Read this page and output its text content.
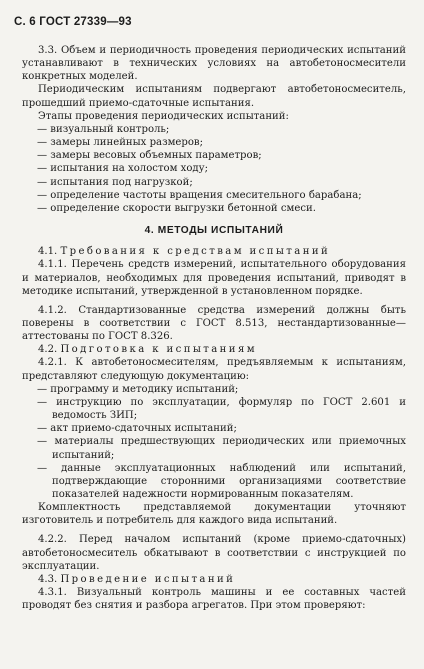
С. 6 ГОСТ 27339—93

3.3. Объем и периодичность проведения периодических испытаний устанавливают в технических условиях на автобетоносмесители конкретных моделей.

Периодическим испытаниям подвергают автобетоносмеситель, прошедший приемо-сдаточные испытания.

Этапы проведения периодических испытаний:

— визуальный контроль;

— замеры линейных размеров;

— замеры весовых объемных параметров;

— испытания на холостом ходу;

— испытания под нагрузкой;

— определение частоты вращения смесительного барабана;

— определение скорости выгрузки бетонной смеси.

4. МЕТОДЫ ИСПЫТАНИЙ

4.1. Требования к средствам испытаний

4.1.1. Перечень средств измерений, испытательного оборудования и материалов, необходимых для проведения испытаний, приводят в методике испытаний, утвержденной в установленном порядке.

4.1.2. Стандартизованные средства измерений должны быть поверены в соответствии с ГОСТ 8.513, нестандартизованные—аттестованы по ГОСТ 8.326.

4.2. Подготовка к испытаниям

4.2.1. К автобетоносмесителям, предъявляемым к испытаниям, представляют следующую документацию:

— программу и методику испытаний;

— инструкцию по эксплуатации, формуляр по ГОСТ 2.601 и ведомость ЗИП;

— акт приемо-сдаточных испытаний;

— материалы предшествующих периодических или приемочных испытаний;

— данные эксплуатационных наблюдений или испытаний, подтверждающие сторонними организациями соответствие показателей надежности нормированным показателям.

Комплектность представляемой документации уточняют изготовитель и потребитель для каждого вида испытаний.

4.2.2. Перед началом испытаний (кроме приемо-сдаточных) автобетоносмеситель обкатывают в соответствии с инструкцией по эксплуатации.

4.3. Проведение испытаний

4.3.1. Визуальный контроль машины и ее составных частей проводят без снятия и разбора агрегатов. При этом проверяют:
